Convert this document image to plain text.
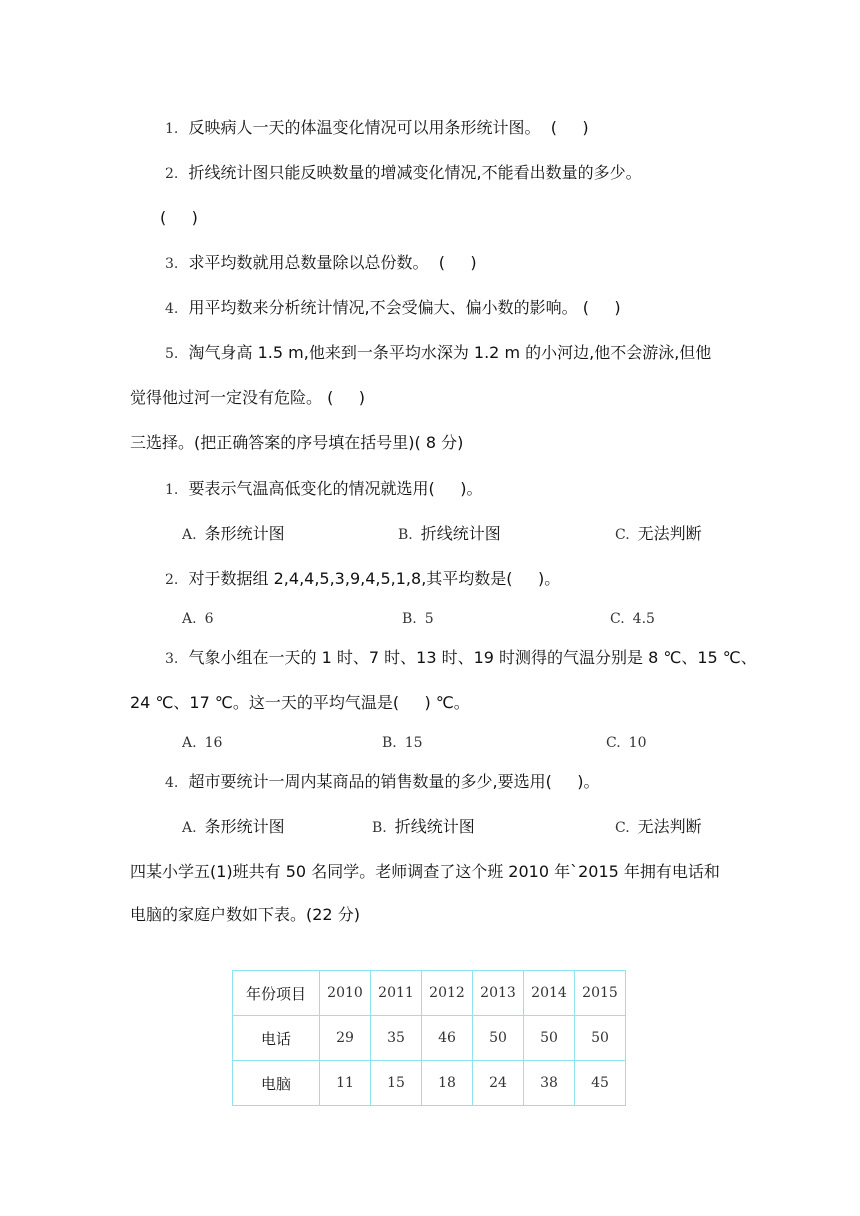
1. 反映病人一天的体温变化情况可以用条形统计图。  (     )
2. 折线统计图只能反映数量的增减变化情况,不能看出数量的多少。
(     )
3. 求平均数就用总数量除以总份数。  (     )
4. 用平均数来分析统计情况,不会受偏大、偏小数的影响。 (     )
5. 淘气身高 1.5 m,他来到一条平均水深为 1.2 m 的小河边,他不会游泳,但他
觉得他过河一定没有危险。 (     )
三选择。(把正确答案的序号填在括号里)( 8 分)
1. 要表示气温高低变化的情况就选用(     )。
A. 条形统计图	B. 折线统计图	C. 无法判断
2. 对于数据组 2,4,4,5,3,9,4,5,1,8,其平均数是(     )。
A. 6	B. 5	C. 4.5
3. 气象小组在一天的 1 时、7 时、13 时、19 时测得的气温分别是 8 ℃、15 ℃、
24 ℃、17 ℃。这一天的平均气温是(     ) ℃。
A. 16	B. 15	C. 10
4. 超市要统计一周内某商品的销售数量的多少,要选用(     )。
A. 条形统计图	B. 折线统计图	C. 无法判断
四某小学五(1)班共有 50 名同学。老师调查了这个班 2010 年`2015 年拥有电话和
电脑的家庭户数如下表。(22 分)
年份项目	2010	2011	2012	2013	2014	2015
电话	29	35	46	50	50	50
电脑	11	15	18	24	38	45
